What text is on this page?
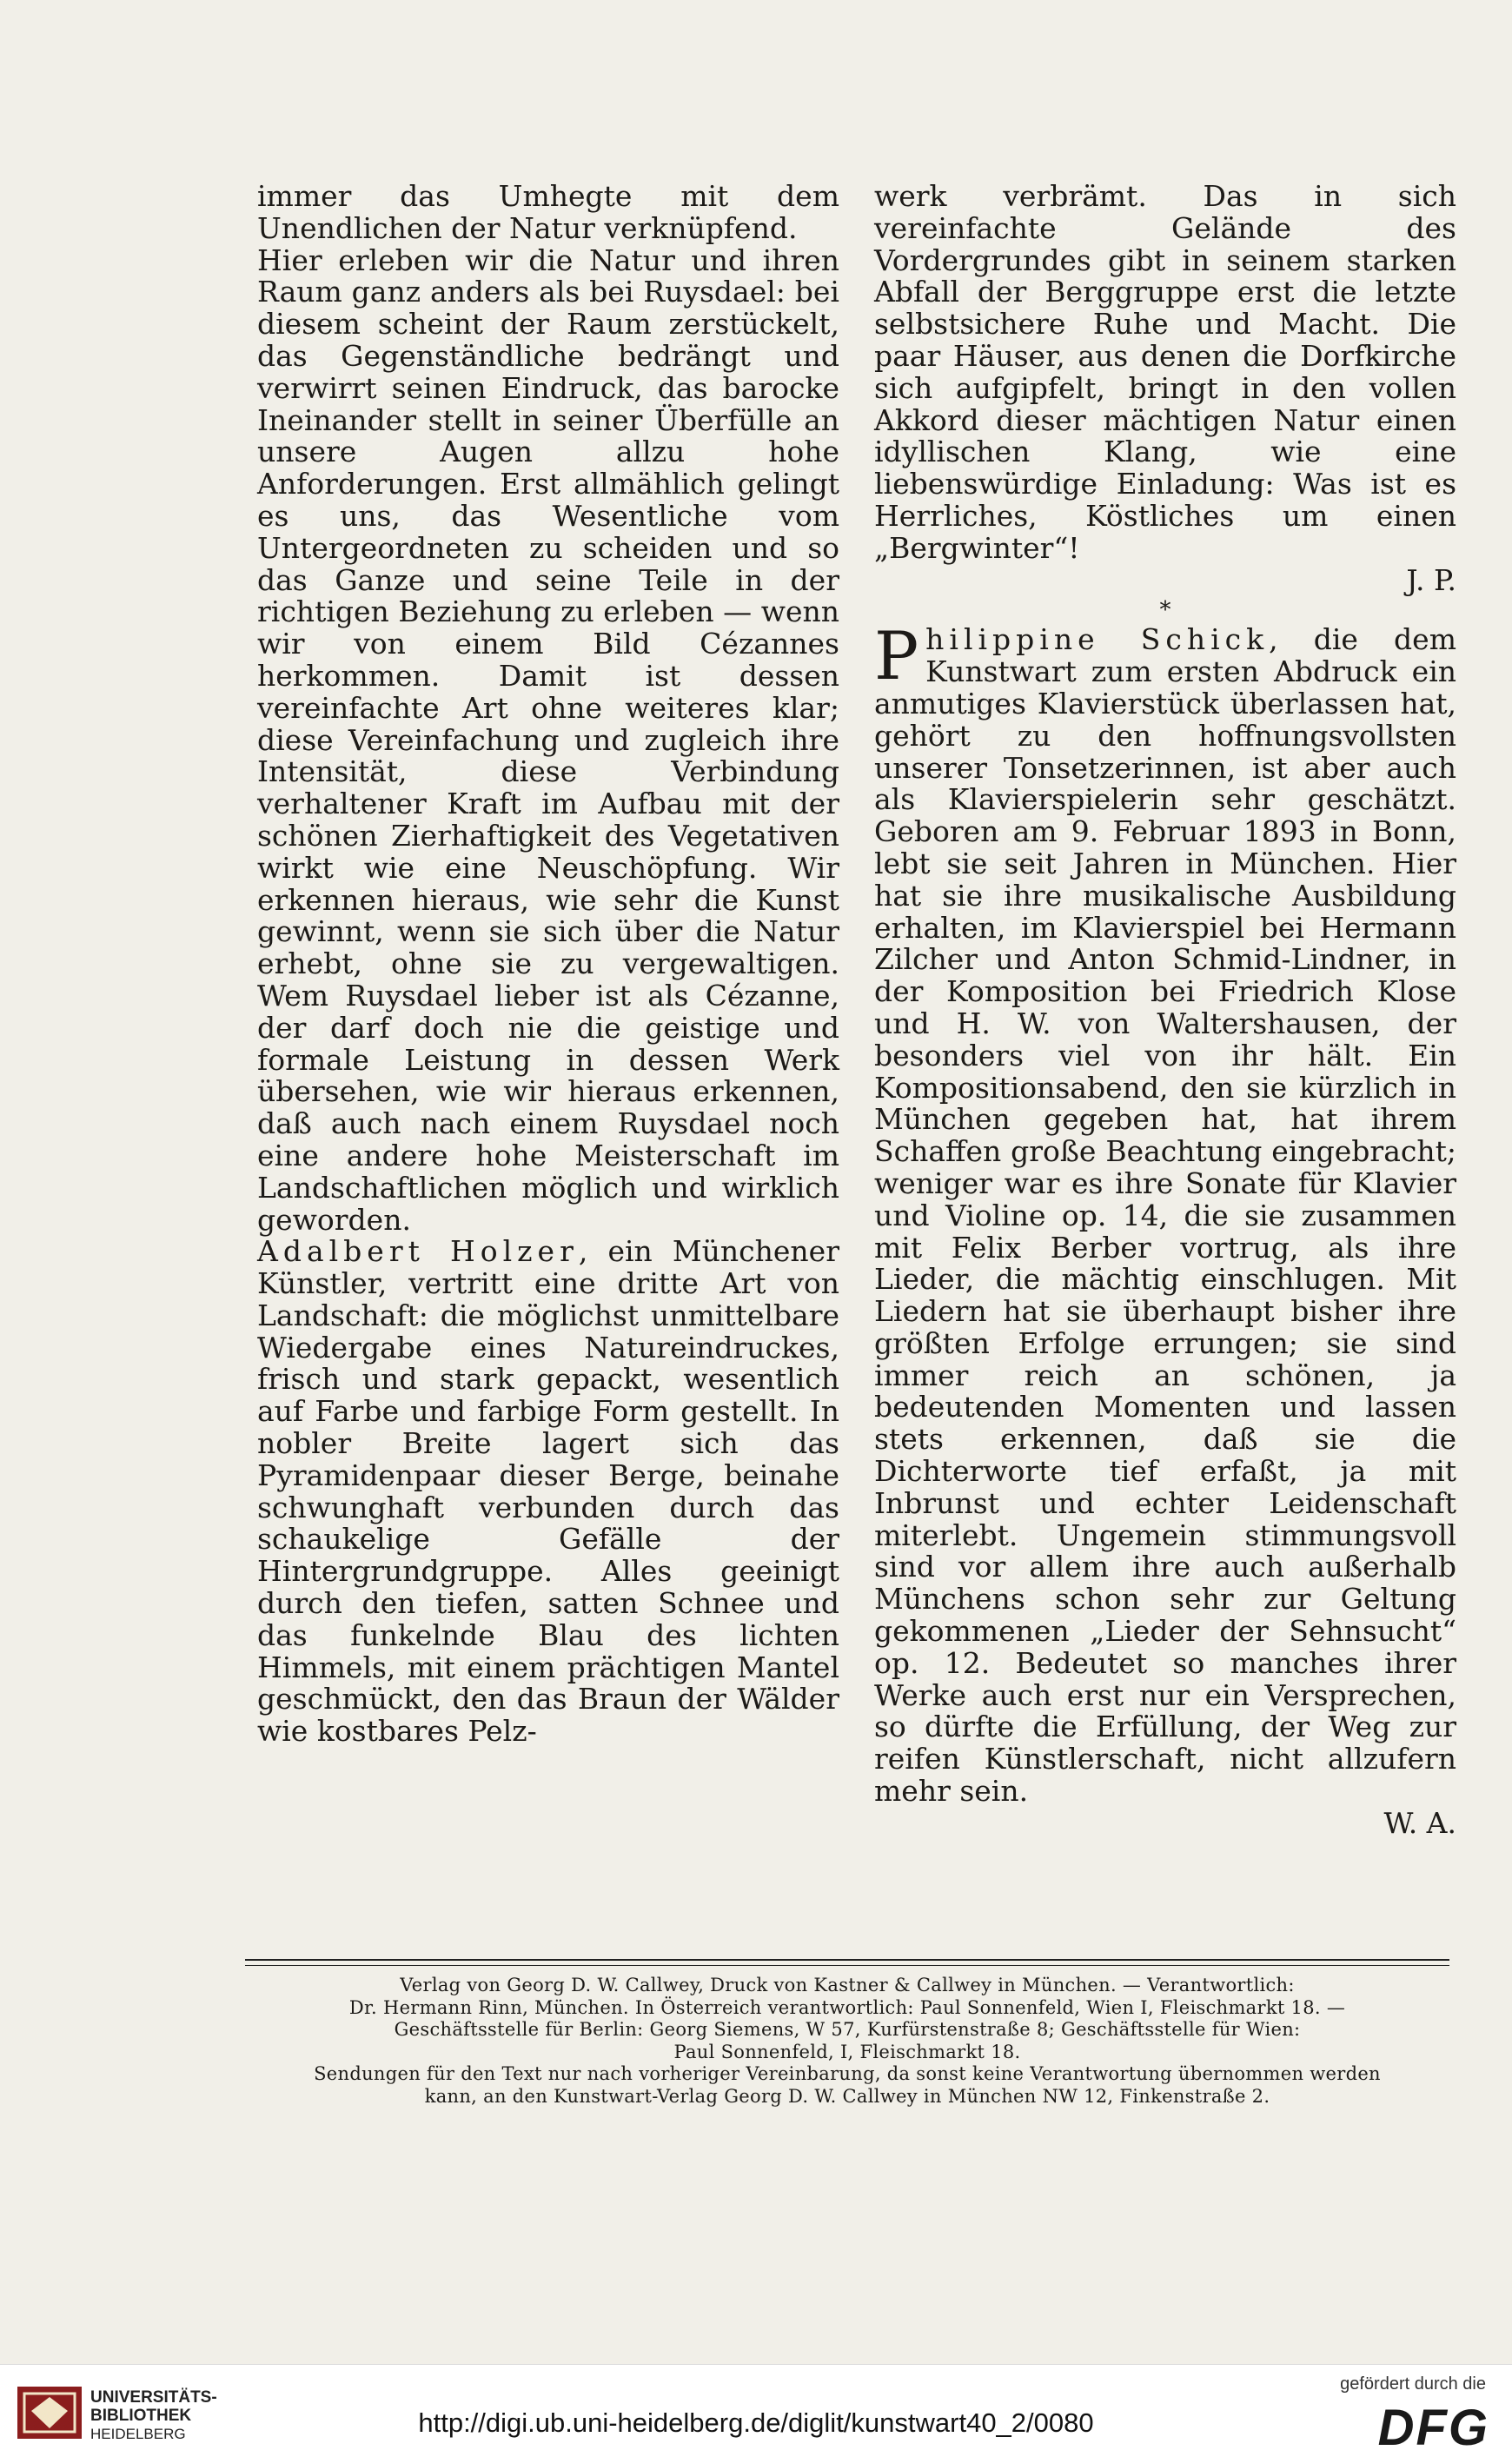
immer das Umhegte mit dem Unendlichen der Natur verknüpfend.

Hier erleben wir die Natur und ihren Raum ganz anders als bei Ruysdael: bei diesem scheint der Raum zerstückelt, das Gegenständliche bedrängt und verwirrt seinen Eindruck, das barocke Ineinander stellt in seiner Überfülle an unsere Augen allzu hohe Anforderungen. Erst allmählich gelingt es uns, das Wesentliche vom Untergeordneten zu scheiden und so das Ganze und seine Teile in der richtigen Beziehung zu erleben — wenn wir von einem Bild Cézannes herkommen. Damit ist dessen vereinfachte Art ohne weiteres klar; diese Vereinfachung und zugleich ihre Intensität, diese Verbindung verhaltener Kraft im Aufbau mit der schönen Zierhaftigkeit des Vegetativen wirkt wie eine Neuschöpfung. Wir erkennen hieraus, wie sehr die Kunst gewinnt, wenn sie sich über die Natur erhebt, ohne sie zu vergewaltigen. Wem Ruysdael lieber ist als Cézanne, der darf doch nie die geistige und formale Leistung in dessen Werk übersehen, wie wir hieraus erkennen, daß auch nach einem Ruysdael noch eine andere hohe Meisterschaft im Landschaftlichen möglich und wirklich geworden.

Adalbert Holzer, ein Münchener Künstler, vertritt eine dritte Art von Landschaft: die möglichst unmittelbare Wiedergabe eines Natureindruckes, frisch und stark gepackt, wesentlich auf Farbe und farbige Form gestellt. In nobler Breite lagert sich das Pyramidenpaar dieser Berge, beinahe schwunghaft verbunden durch das schaukelige Gefälle der Hintergrundgruppe. Alles geeinigt durch den tiefen, satten Schnee und das funkelnde Blau des lichten Himmels, mit einem prächtigen Mantel geschmückt, den das Braun der Wälder wie kostbares Pelz-

werk verbrämt. Das in sich vereinfachte Gelände des Vordergrundes gibt in seinem starken Abfall der Berggruppe erst die letzte selbstsichere Ruhe und Macht. Die paar Häuser, aus denen die Dorfkirche sich aufgipfelt, bringt in den vollen Akkord dieser mächtigen Natur einen idyllischen Klang, wie eine liebenswürdige Einladung: Was ist es Herrliches, Köstliches um einen „Bergwinter“!

J. P.

*

Philippine Schick, die dem Kunstwart zum ersten Abdruck ein anmutiges Klavierstück überlassen hat, gehört zu den hoffnungsvollsten unserer Tonsetzerinnen, ist aber auch als Klavierspielerin sehr geschätzt. Geboren am 9. Februar 1893 in Bonn, lebt sie seit Jahren in München. Hier hat sie ihre musikalische Ausbildung erhalten, im Klavierspiel bei Hermann Zilcher und Anton Schmid-Lindner, in der Komposition bei Friedrich Klose und H. W. von Waltershausen, der besonders viel von ihr hält. Ein Kompositionsabend, den sie kürzlich in München gegeben hat, hat ihrem Schaffen große Beachtung eingebracht; weniger war es ihre Sonate für Klavier und Violine op. 14, die sie zusammen mit Felix Berber vortrug, als ihre Lieder, die mächtig einschlugen. Mit Liedern hat sie überhaupt bisher ihre größten Erfolge errungen; sie sind immer reich an schönen, ja bedeutenden Momenten und lassen stets erkennen, daß sie die Dichterworte tief erfaßt, ja mit Inbrunst und echter Leidenschaft miterlebt. Ungemein stimmungsvoll sind vor allem ihre auch außerhalb Münchens schon sehr zur Geltung gekommenen „Lieder der Sehnsucht“ op. 12. Bedeutet so manches ihrer Werke auch erst nur ein Versprechen, so dürfte die Erfüllung, der Weg zur reifen Künstlerschaft, nicht allzufern mehr sein.

W. A.

Verlag von Georg D. W. Callwey, Druck von Kastner & Callwey in München. — Verantwortlich:
Dr. Hermann Rinn, München. In Österreich verantwortlich: Paul Sonnenfeld, Wien I, Fleischmarkt 18. —
Geschäftsstelle für Berlin: Georg Siemens, W 57, Kurfürstenstraße 8; Geschäftsstelle für Wien:
Paul Sonnenfeld, I, Fleischmarkt 18.
Sendungen für den Text nur nach vorheriger Vereinbarung, da sonst keine Verantwortung übernommen werden
kann, an den Kunstwart-Verlag Georg D. W. Callwey in München NW 12, Finkenstraße 2.
UNIVERSITÄTS-
BIBLIOTHEK
HEIDELBERG	http://digi.ub.uni-heidelberg.de/diglit/kunstwart40_2/0080
gefördert durch die
DFG
